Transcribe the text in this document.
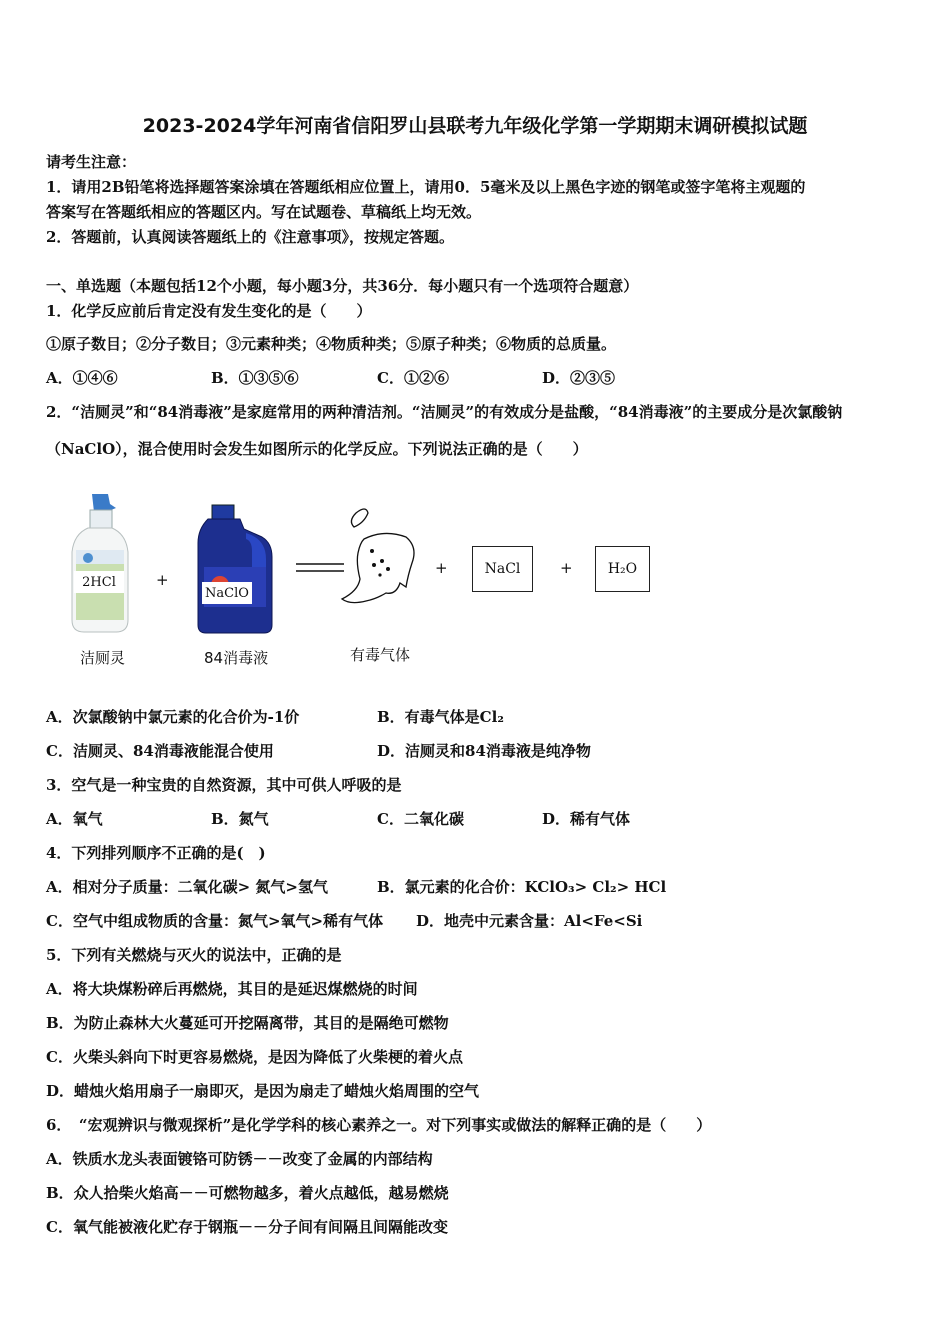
2023-2024学年河南省信阳罗山县联考九年级化学第一学期期末调研模拟试题
请考生注意：
1．请用2B铅笔将选择题答案涂填在答题纸相应位置上，请用0．5毫米及以上黑色字迹的钢笔或签字笔将主观题的
答案写在答题纸相应的答题区内。写在试题卷、草稿纸上均无效。
2．答题前，认真阅读答题纸上的《注意事项》，按规定答题。
一、单选题（本题包括12个小题，每小题3分，共36分．每小题只有一个选项符合题意）
1．化学反应前后肯定没有发生变化的是（　　）
①原子数目；②分子数目；③元素种类；④物质种类；⑤原子种类；⑥物质的总质量。
A．①④⑥	B．①③⑤⑥	C．①②⑥	D．②③⑤
2．“洁厕灵”和“84消毒液”是家庭常用的两种清洁剂。“洁厕灵”的有效成分是盐酸，“84消毒液”的主要成分是次氯酸钠
（NaClO），混合使用时会发生如图所示的化学反应。下列说法正确的是（　　）
2HCl
洁厕灵
+
NaClO
84消毒液	有毒气体
+	NaCl	+	H₂O
A．次氯酸钠中氯元素的化合价为-1价	B．有毒气体是Cl₂
C．洁厕灵、84消毒液能混合使用	D．洁厕灵和84消毒液是纯净物
3．空气是一种宝贵的自然资源，其中可供人呼吸的是
A．氧气	B．氮气	C．二氧化碳	D．稀有气体
4．下列排列顺序不正确的是(　)
A．相对分子质量：二氧化碳> 氮气>氢气	B．氯元素的化合价：KClO₃> Cl₂> HCl
C．空气中组成物质的含量：氮气>氧气>稀有气体 D．地壳中元素含量：Al<Fe<Si
5．下列有关燃烧与灭火的说法中，正确的是
A．将大块煤粉碎后再燃烧，其目的是延迟煤燃烧的时间
B．为防止森林大火蔓延可开挖隔离带，其目的是隔绝可燃物
C．火柴头斜向下时更容易燃烧，是因为降低了火柴梗的着火点
D．蜡烛火焰用扇子一扇即灭，是因为扇走了蜡烛火焰周围的空气
6．　“宏观辨识与微观探析”是化学学科的核心素养之一。对下列事实或做法的解释正确的是（　　）
A．铁质水龙头表面镀铬可防锈－－改变了金属的内部结构
B．众人拾柴火焰高－－可燃物越多，着火点越低，越易燃烧
C．氧气能被液化贮存于钢瓶－－分子间有间隔且间隔能改变
